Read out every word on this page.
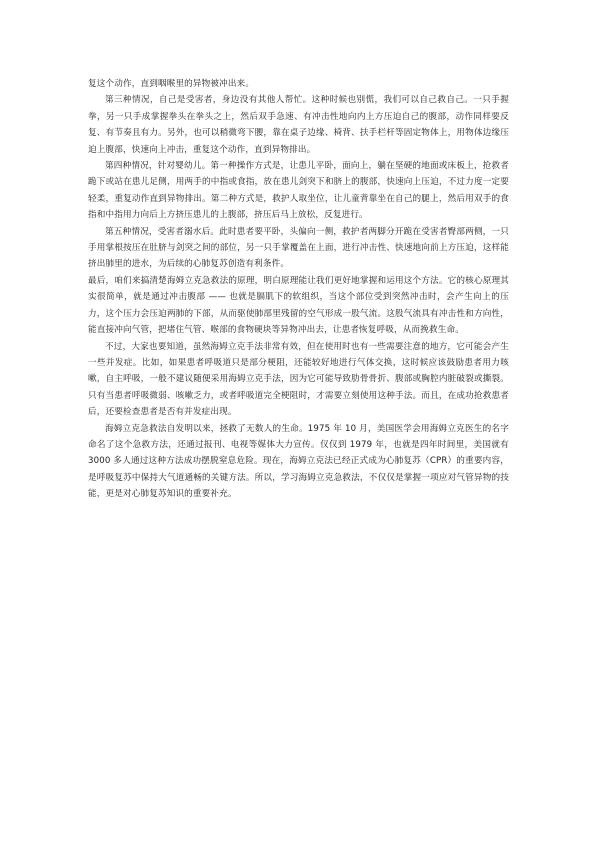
复这个动作，直到咽喉里的异物被冲出来。

第三种情况，自己是受害者，身边没有其他人帮忙。这种时候也别慌，我们可以自己救自己。一只手握拳，另一只手成掌握拳头在拳头之上，然后双手急速、有冲击性地向内上方压迫自己的腹部，动作同样要反复、有节奏且有力。另外，也可以稍微弯下腰，靠在桌子边缘、椅背、扶手栏杆等固定物体上，用物体边缘压迫上腹部，快速向上冲击，重复这个动作，直到异物排出。

第四种情况，针对婴幼儿。第一种操作方式是，让患儿平卧，面向上，躺在坚硬的地面或床板上，抢救者跪下或站在患儿足侧，用两手的中指或食指，放在患儿剑突下和脐上的腹部，快速向上压迫，不过力度一定要轻柔，重复动作直到异物排出。第二种方式是，救护人取坐位，让儿童背靠坐在自己的腿上，然后用双手的食指和中指用力向后上方挤压患儿的上腹部，挤压后马上放松，反复进行。

第五种情况，受害者溺水后。此时患者要平卧，头偏向一侧，救护者两脚分开跪在受害者臀部两侧，一只手用掌根按压在肚脐与剑突之间的部位，另一只手掌覆盖在上面，进行冲击性、快速地向前上方压迫，这样能挤出肺里的进水，为后续的心肺复苏创造有利条件。

最后，咱们来搞清楚海姆立克急救法的原理，明白原理能让我们更好地掌握和运用这个方法。它的核心原理其实很简单，就是通过冲击腹部 —— 也就是膈肌下的软组织，当这个部位受到突然冲击时，会产生向上的压力，这个压力会压迫两肺的下部，从而驱使肺部里残留的空气形成一股气流。这股气流具有冲击性和方向性，能直接冲向气管，把堵住气管、喉部的食物硬块等异物冲出去，让患者恢复呼吸，从而挽救生命。

不过，大家也要知道，虽然海姆立克手法非常有效，但在使用时也有一些需要注意的地方，它可能会产生一些并发症。比如，如果患者呼吸道只是部分梗阻，还能较好地进行气体交换，这时候应该鼓励患者用力咳嗽，自主呼吸，一般不建议随便采用海姆立克手法，因为它可能导致肋骨骨折、腹部或胸腔内脏破裂或撕裂。只有当患者呼吸微弱、咳嗽乏力，或者呼吸道完全梗阻时，才需要立刻使用这种手法。而且，在成功抢救患者后，还要检查患者是否有并发症出现。

海姆立克急救法自发明以来，拯救了无数人的生命。1975 年 10 月，美国医学会用海姆立克医生的名字命名了这个急救方法，还通过报刊、电视等媒体大力宣传。仅仅到 1979 年，也就是四年时间里，美国就有 3000 多人通过这种方法成功摆脱窒息危险。现在，海姆立克法已经正式成为心肺复苏（CPR）的重要内容，是呼吸复苏中保持大气道通畅的关键方法。所以，学习海姆立克急救法，不仅仅是掌握一项应对气管异物的技能，更是对心肺复苏知识的重要补充。
